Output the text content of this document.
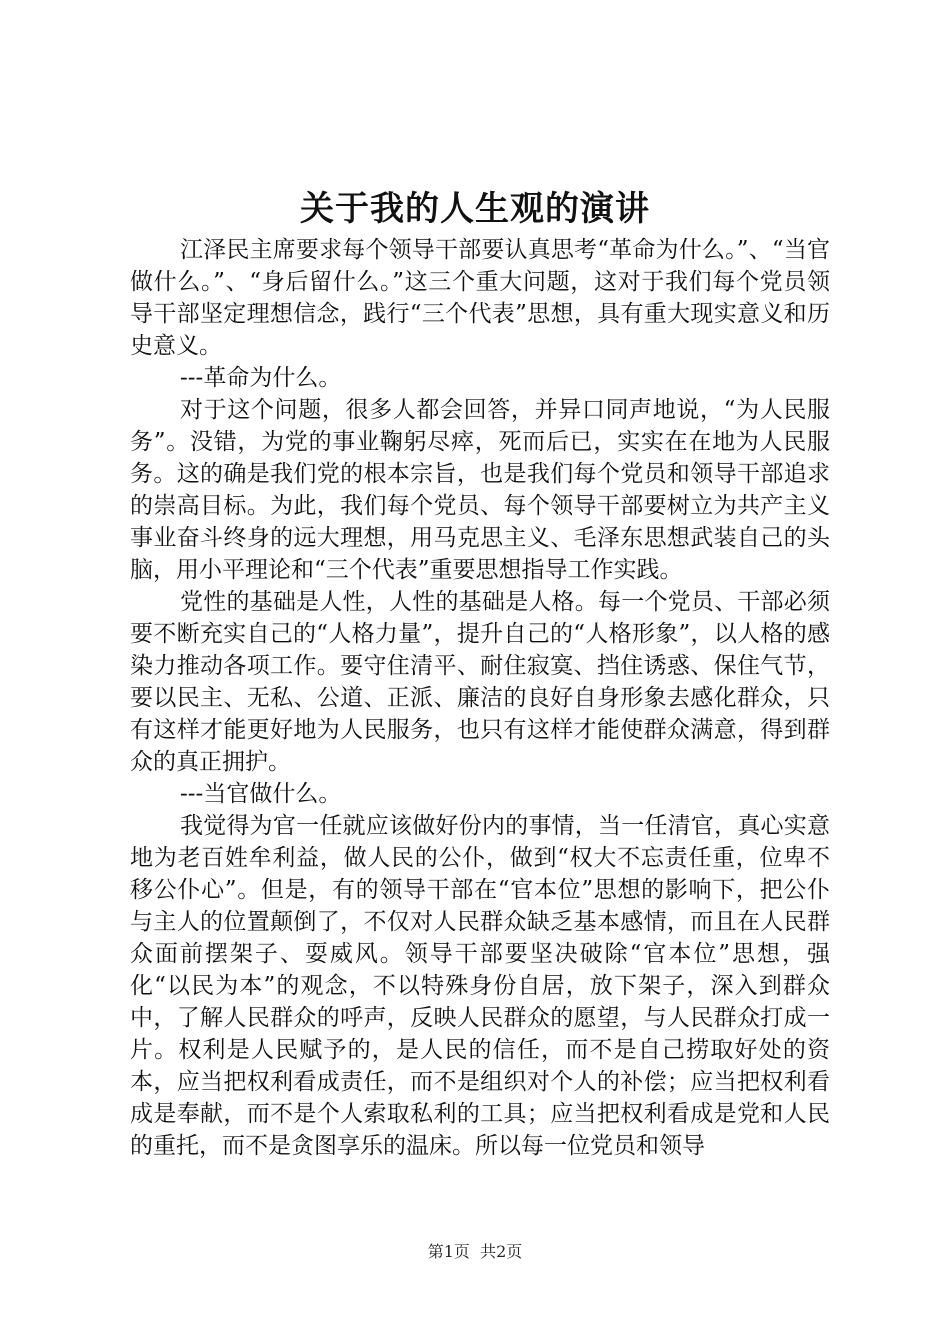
关于我的人生观的演讲

江泽民主席要求每个领导干部要认真思考“革命为什么。”、“当官做什么。”、“身后留什么。”这三个重大问题，这对于我们每个党员领导干部坚定理想信念，践行“三个代表”思想，具有重大现实意义和历史意义。

---革命为什么。

对于这个问题，很多人都会回答，并异口同声地说，“为人民服务”。没错，为党的事业鞠躬尽瘁，死而后已，实实在在地为人民服务。这的确是我们党的根本宗旨，也是我们每个党员和领导干部追求的崇高目标。为此，我们每个党员、每个领导干部要树立为共产主义事业奋斗终身的远大理想，用马克思主义、毛泽东思想武装自己的头脑，用小平理论和“三个代表”重要思想指导工作实践。

党性的基础是人性，人性的基础是人格。每一个党员、干部必须要不断充实自己的“人格力量”，提升自己的“人格形象”，以人格的感染力推动各项工作。要守住清平、耐住寂寞、挡住诱惑、保住气节，要以民主、无私、公道、正派、廉洁的良好自身形象去感化群众，只有这样才能更好地为人民服务，也只有这样才能使群众满意，得到群众的真正拥护。

---当官做什么。

我觉得为官一任就应该做好份内的事情，当一任清官，真心实意地为老百姓牟利益，做人民的公仆，做到“权大不忘责任重，位卑不移公仆心”。但是，有的领导干部在“官本位”思想的影响下，把公仆与主人的位置颠倒了，不仅对人民群众缺乏基本感情，而且在人民群众面前摆架子、耍威风。领导干部要坚决破除“官本位”思想，强化“以民为本”的观念，不以特殊身份自居，放下架子，深入到群众中，了解人民群众的呼声，反映人民群众的愿望，与人民群众打成一片。权利是人民赋予的，是人民的信任，而不是自己捞取好处的资本，应当把权利看成责任，而不是组织对个人的补偿；应当把权利看成是奉献，而不是个人索取私利的工具；应当把权利看成是党和人民的重托，而不是贪图享乐的温床。所以每一位党员和领导

第1页  共2页
